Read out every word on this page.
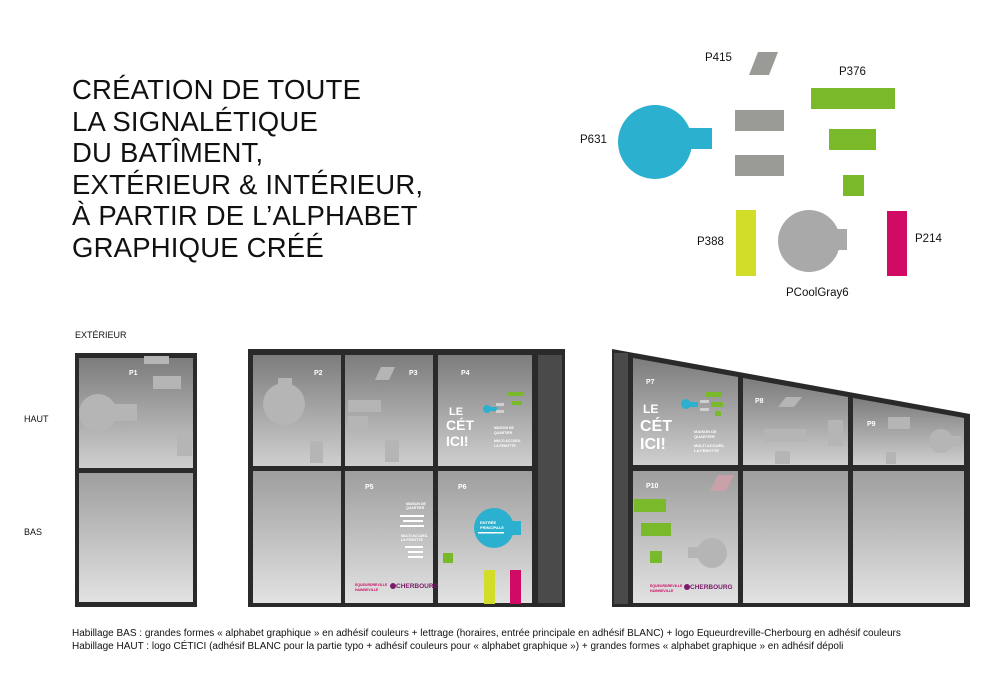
CRÉATION DE TOUTE
LA SIGNALÉTIQUE
DU BATÎMENT,
EXTÉRIEUR & INTÉRIEUR,
À PARTIR DE L’ALPHABET
GRAPHIQUE CRÉÉ
P415
P376
P631
P388	P214
PCoolGray6
EXTÉRIEUR
HAUT
BAS
P1
LE
CÉT
ICI!
MAISON DE
QUARTIER
MULTI ACCUEIL
LA FENOTTE
MAISON DE
QUARTIER
MULTI ACCUEIL
LA FENOTTE
EQUEURDREVILLE
HAINNEVILLE	CHERBOURG
ENTRÉE
PRINCIPALE
P2	P3	P4
P5	P6
LE
CÉT
ICI!
MAISON DE
QUARTIER
MULTI ACCUEIL
LA FENOTTE
EQUEURDREVILLE
HAINNEVILLE	CHERBOURG
P7
P8
P9
P10
Habillage BAS : grandes formes « alphabet graphique » en adhésif couleurs + lettrage (horaires, entrée principale en adhésif BLANC) + logo Equeurdreville-Cherbourg en adhésif couleurs
Habillage HAUT : logo CÉTICI (adhésif BLANC pour la partie typo + adhésif couleurs pour « alphabet graphique ») + grandes formes « alphabet graphique » en adhésif dépoli
